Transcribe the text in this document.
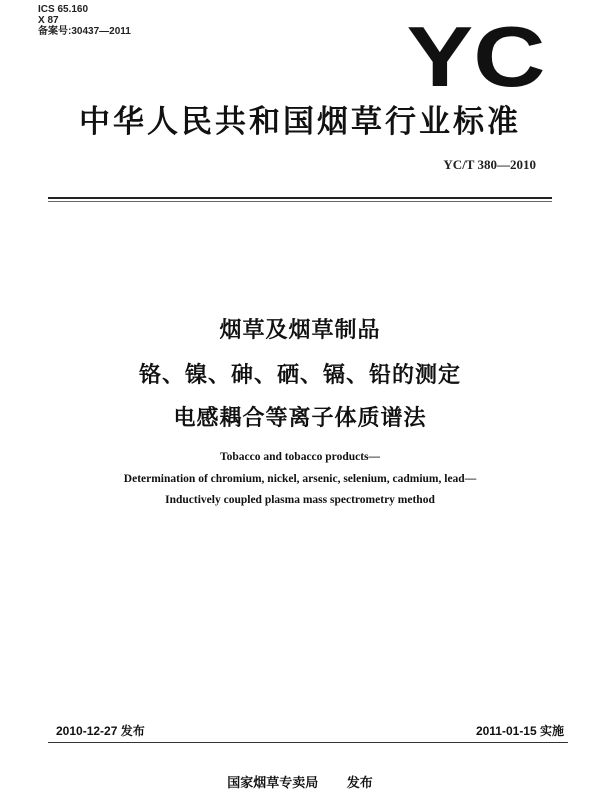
ICS 65.160
X 87
备案号:30437—2011	YC
中华人民共和国烟草行业标准
YC/T 380—2010
烟草及烟草制品
铬、镍、砷、硒、镉、铅的测定
电感耦合等离子体质谱法
Tobacco and tobacco products—
Determination of chromium, nickel, arsenic, selenium, cadmium, lead—
Inductively coupled plasma mass spectrometry method
2010-12-27 发布	2011-01-15 实施
国家烟草专卖局 发布
